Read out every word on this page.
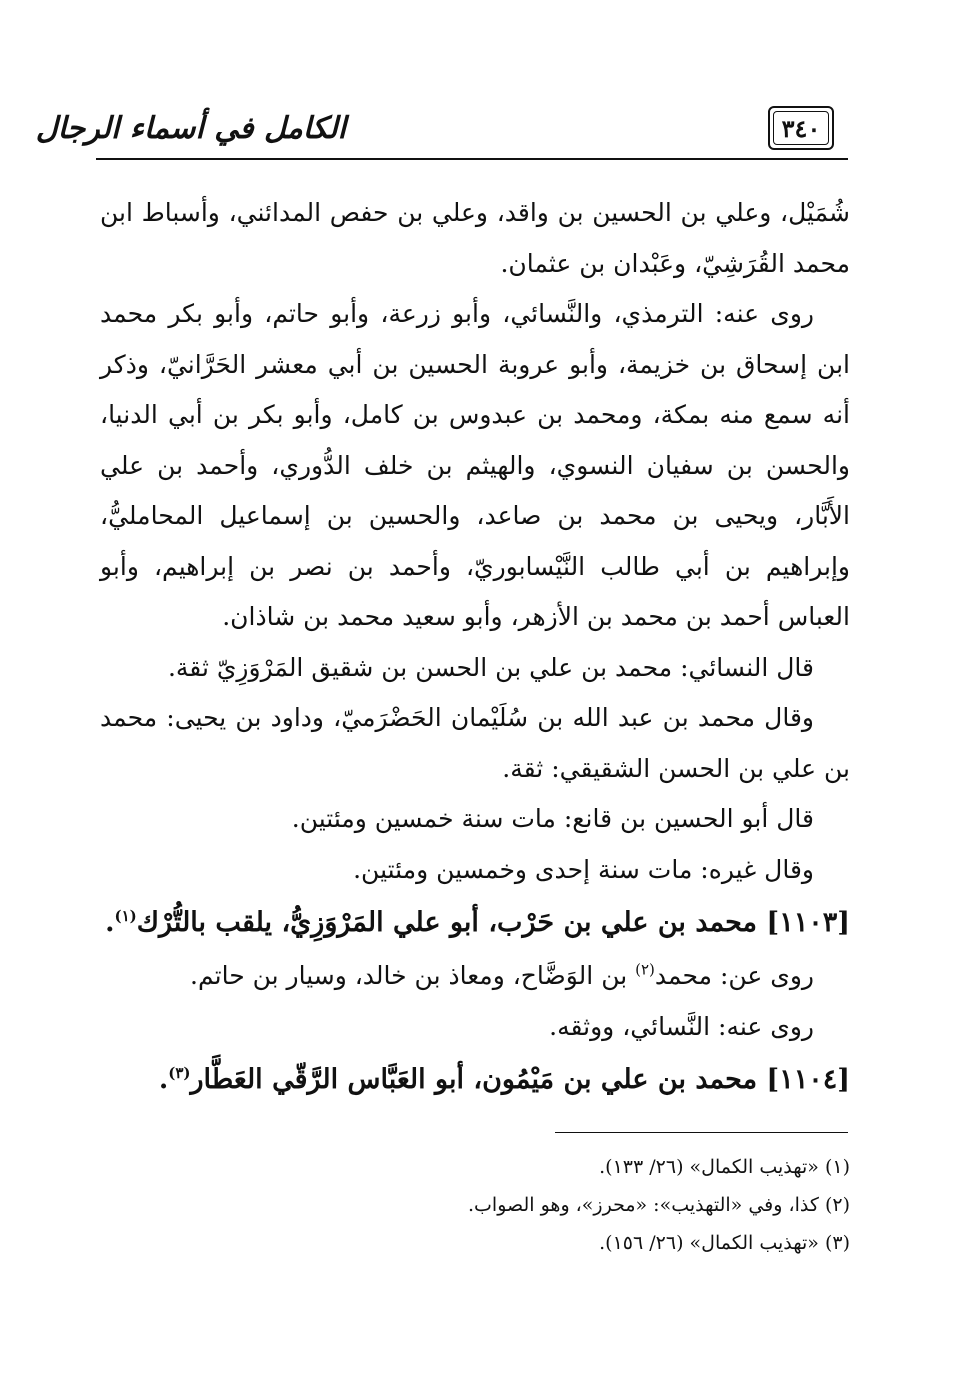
٣٤٠
الكامل في أسماء الرجال

شُمَيْل، وعلي بن الحسين بن واقد، وعلي بن حفص المدائني، وأسباط ابن محمد القُرَشِيّ، وعَبْدان بن عثمان.

روى عنه: الترمذي، والنَّسائي، وأبو زرعة، وأبو حاتم، وأبو بكر محمد ابن إسحاق بن خزيمة، وأبو عروبة الحسين بن أبي معشر الحَرَّانيّ، وذكر أنه سمع منه بمكة، ومحمد بن عبدوس بن كامل، وأبو بكر بن أبي الدنيا، والحسن بن سفيان النسوي، والهيثم بن خلف الدُّوري، وأحمد بن علي الأَبَّار، ويحيى بن محمد بن صاعد، والحسين بن إسماعيل المحامليُّ، وإبراهيم بن أبي طالب النَّيْسابوريّ، وأحمد بن نصر بن إبراهيم، وأبو العباس أحمد بن محمد بن الأزهر، وأبو سعيد محمد بن شاذان.

قال النسائي: محمد بن علي بن الحسن بن شقيق المَرْوَزِيّ ثقة.

وقال محمد بن عبد الله بن سُلَيْمان الحَضْرَميّ، وداود بن يحيى: محمد بن علي بن الحسن الشقيقي: ثقة.

قال أبو الحسين بن قانع: مات سنة خمسين ومئتين.

وقال غيره: مات سنة إحدى وخمسين ومئتين.

[١١٠٣] محمد بن علي بن حَرْب، أبو علي المَرْوَزِيُّ، يلقب بالتُّرْك$^{(١)}$.

روى عن: محمد$^{(٢)}$ بن الوَضَّاح، ومعاذ بن خالد، وسيار بن حاتم.

روى عنه: النَّسائي، ووثقه.

[١١٠٤] محمد بن علي بن مَيْمُون، أبو العَبَّاس الرَّقّي العَطَّار$^{(٣)}$.

(١) «تهذيب الكمال» (٢٦/ ١٣٣).

(٢) كذا، وفي «التهذيب»: «محرز»، وهو الصواب.

(٣) «تهذيب الكمال» (٢٦/ ١٥٦).
